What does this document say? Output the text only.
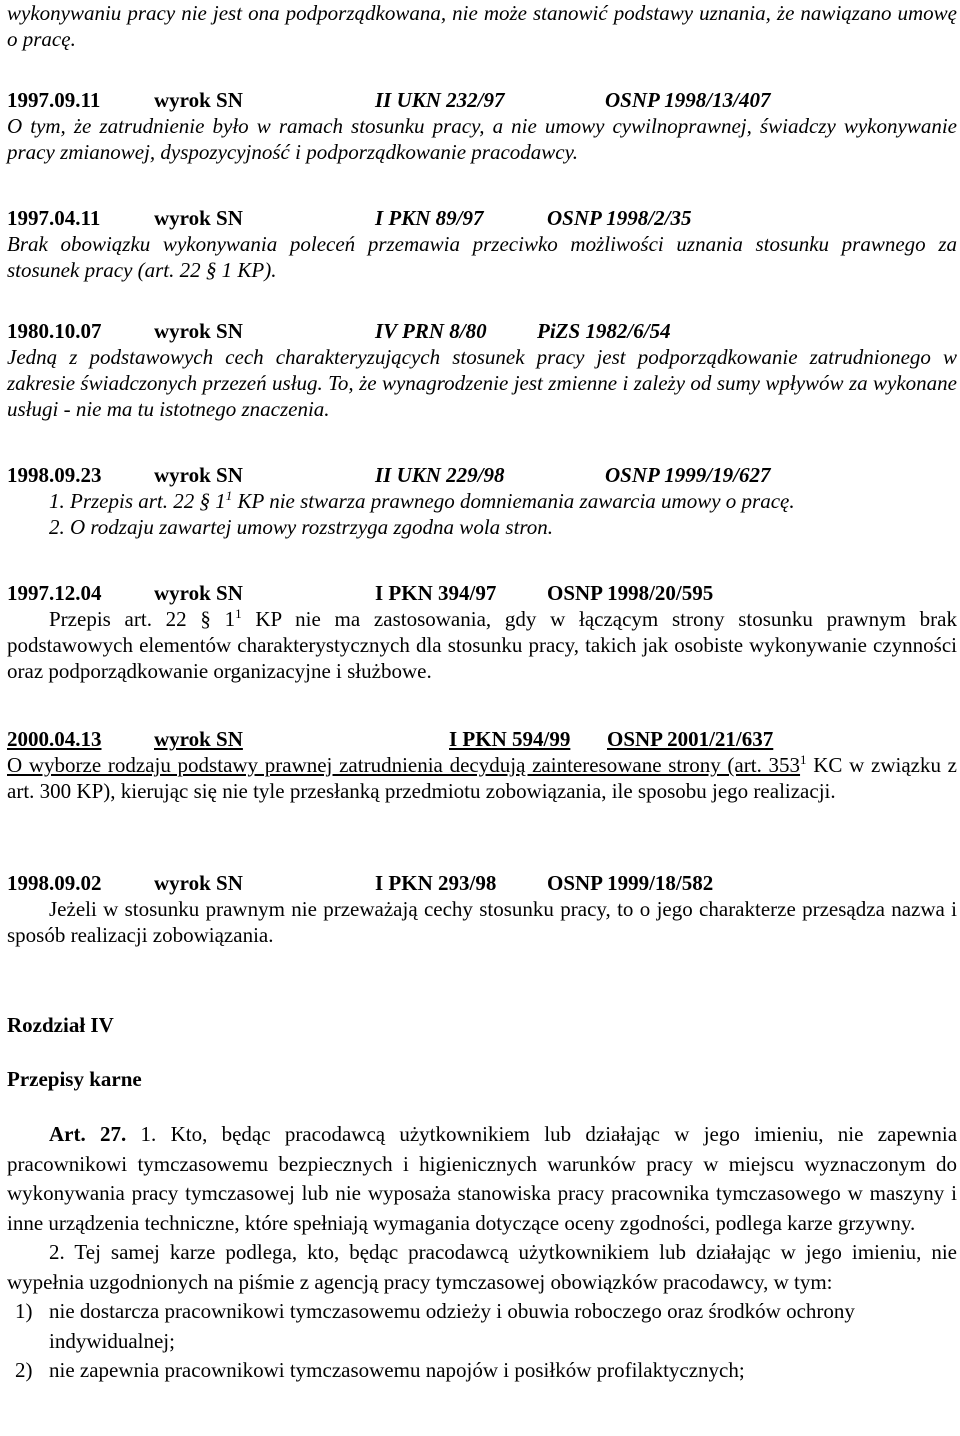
wykonywaniu pracy nie jest ona podporządkowana, nie może stanowić podstawy uznania, że nawiązano umowę o pracę.
1997.09.11	wyrok SN	II UKN 232/97	OSNP 1998/13/407
O tym, że zatrudnienie było w ramach stosunku pracy, a nie umowy cywilnoprawnej, świadczy wykonywanie pracy zmianowej, dyspozycyjność i podporządkowanie pracodawcy.
1997.04.11	wyrok SN	I PKN 89/97	OSNP 1998/2/35
Brak obowiązku wykonywania poleceń przemawia przeciwko możliwości uznania stosunku prawnego za stosunek pracy (art. 22 § 1 KP).
1980.10.07	wyrok SN	IV PRN 8/80 PiZS 1982/6/54
Jedną z podstawowych cech charakteryzujących stosunek pracy jest podporządkowanie zatrudnionego w zakresie świadczonych przezeń usług. To, że wynagrodzenie jest zmienne i zależy od sumy wpływów za wykonane usługi - nie ma tu istotnego znaczenia.
1998.09.23	wyrok SN	II UKN 229/98	OSNP 1999/19/627
1. Przepis art. 22 § $1^1$ KP nie stwarza prawnego domniemania zawarcia umowy o pracę.
2. O rodzaju zawartej umowy rozstrzyga zgodna wola stron.
1997.12.04	wyrok SN	I PKN 394/97 OSNP 1998/20/595
Przepis art. 22 § $1^1$ KP nie ma zastosowania, gdy w łączącym strony stosunku prawnym brak podstawowych elementów charakterystycznych dla stosunku pracy, takich jak osobiste wykonywanie czynności oraz podporządkowanie organizacyjne i służbowe.
2000.04.13	wyrok SN	I PKN 594/99 OSNP 2001/21/637
O wyborze rodzaju podstawy prawnej zatrudnienia decydują zainteresowane strony (art. $353^1$ KC w związku z art. 300 KP), kierując się nie tyle przesłanką przedmiotu zobowiązania, ile sposobu jego realizacji.
1998.09.02	wyrok SN	I PKN 293/98 OSNP 1999/18/582
Jeżeli w stosunku prawnym nie przeważają cechy stosunku pracy, to o jego charakterze przesądza nazwa i sposób realizacji zobowiązania.
Rozdział IV
Przepisy karne
Art. 27. 1. Kto, będąc pracodawcą użytkownikiem lub działając w jego imieniu, nie zapewnia pracownikowi tymczasowemu bezpiecznych i higienicznych warunków pracy w miejscu wyznaczonym do wykonywania pracy tymczasowej lub nie wyposaża stanowiska pracy pracownika tymczasowego w maszyny i inne urządzenia techniczne, które spełniają wymagania dotyczące oceny zgodności, podlega karze grzywny.
2. Tej samej karze podlega, kto, będąc pracodawcą użytkownikiem lub działając w jego imieniu, nie wypełnia uzgodnionych na piśmie z agencją pracy tymczasowej obowiązków pracodawcy, w tym:
1) nie dostarcza pracownikowi tymczasowemu odzieży i obuwia roboczego oraz środków ochrony indywidualnej;
2) nie zapewnia pracownikowi tymczasowemu napojów i posiłków profilaktycznych;
